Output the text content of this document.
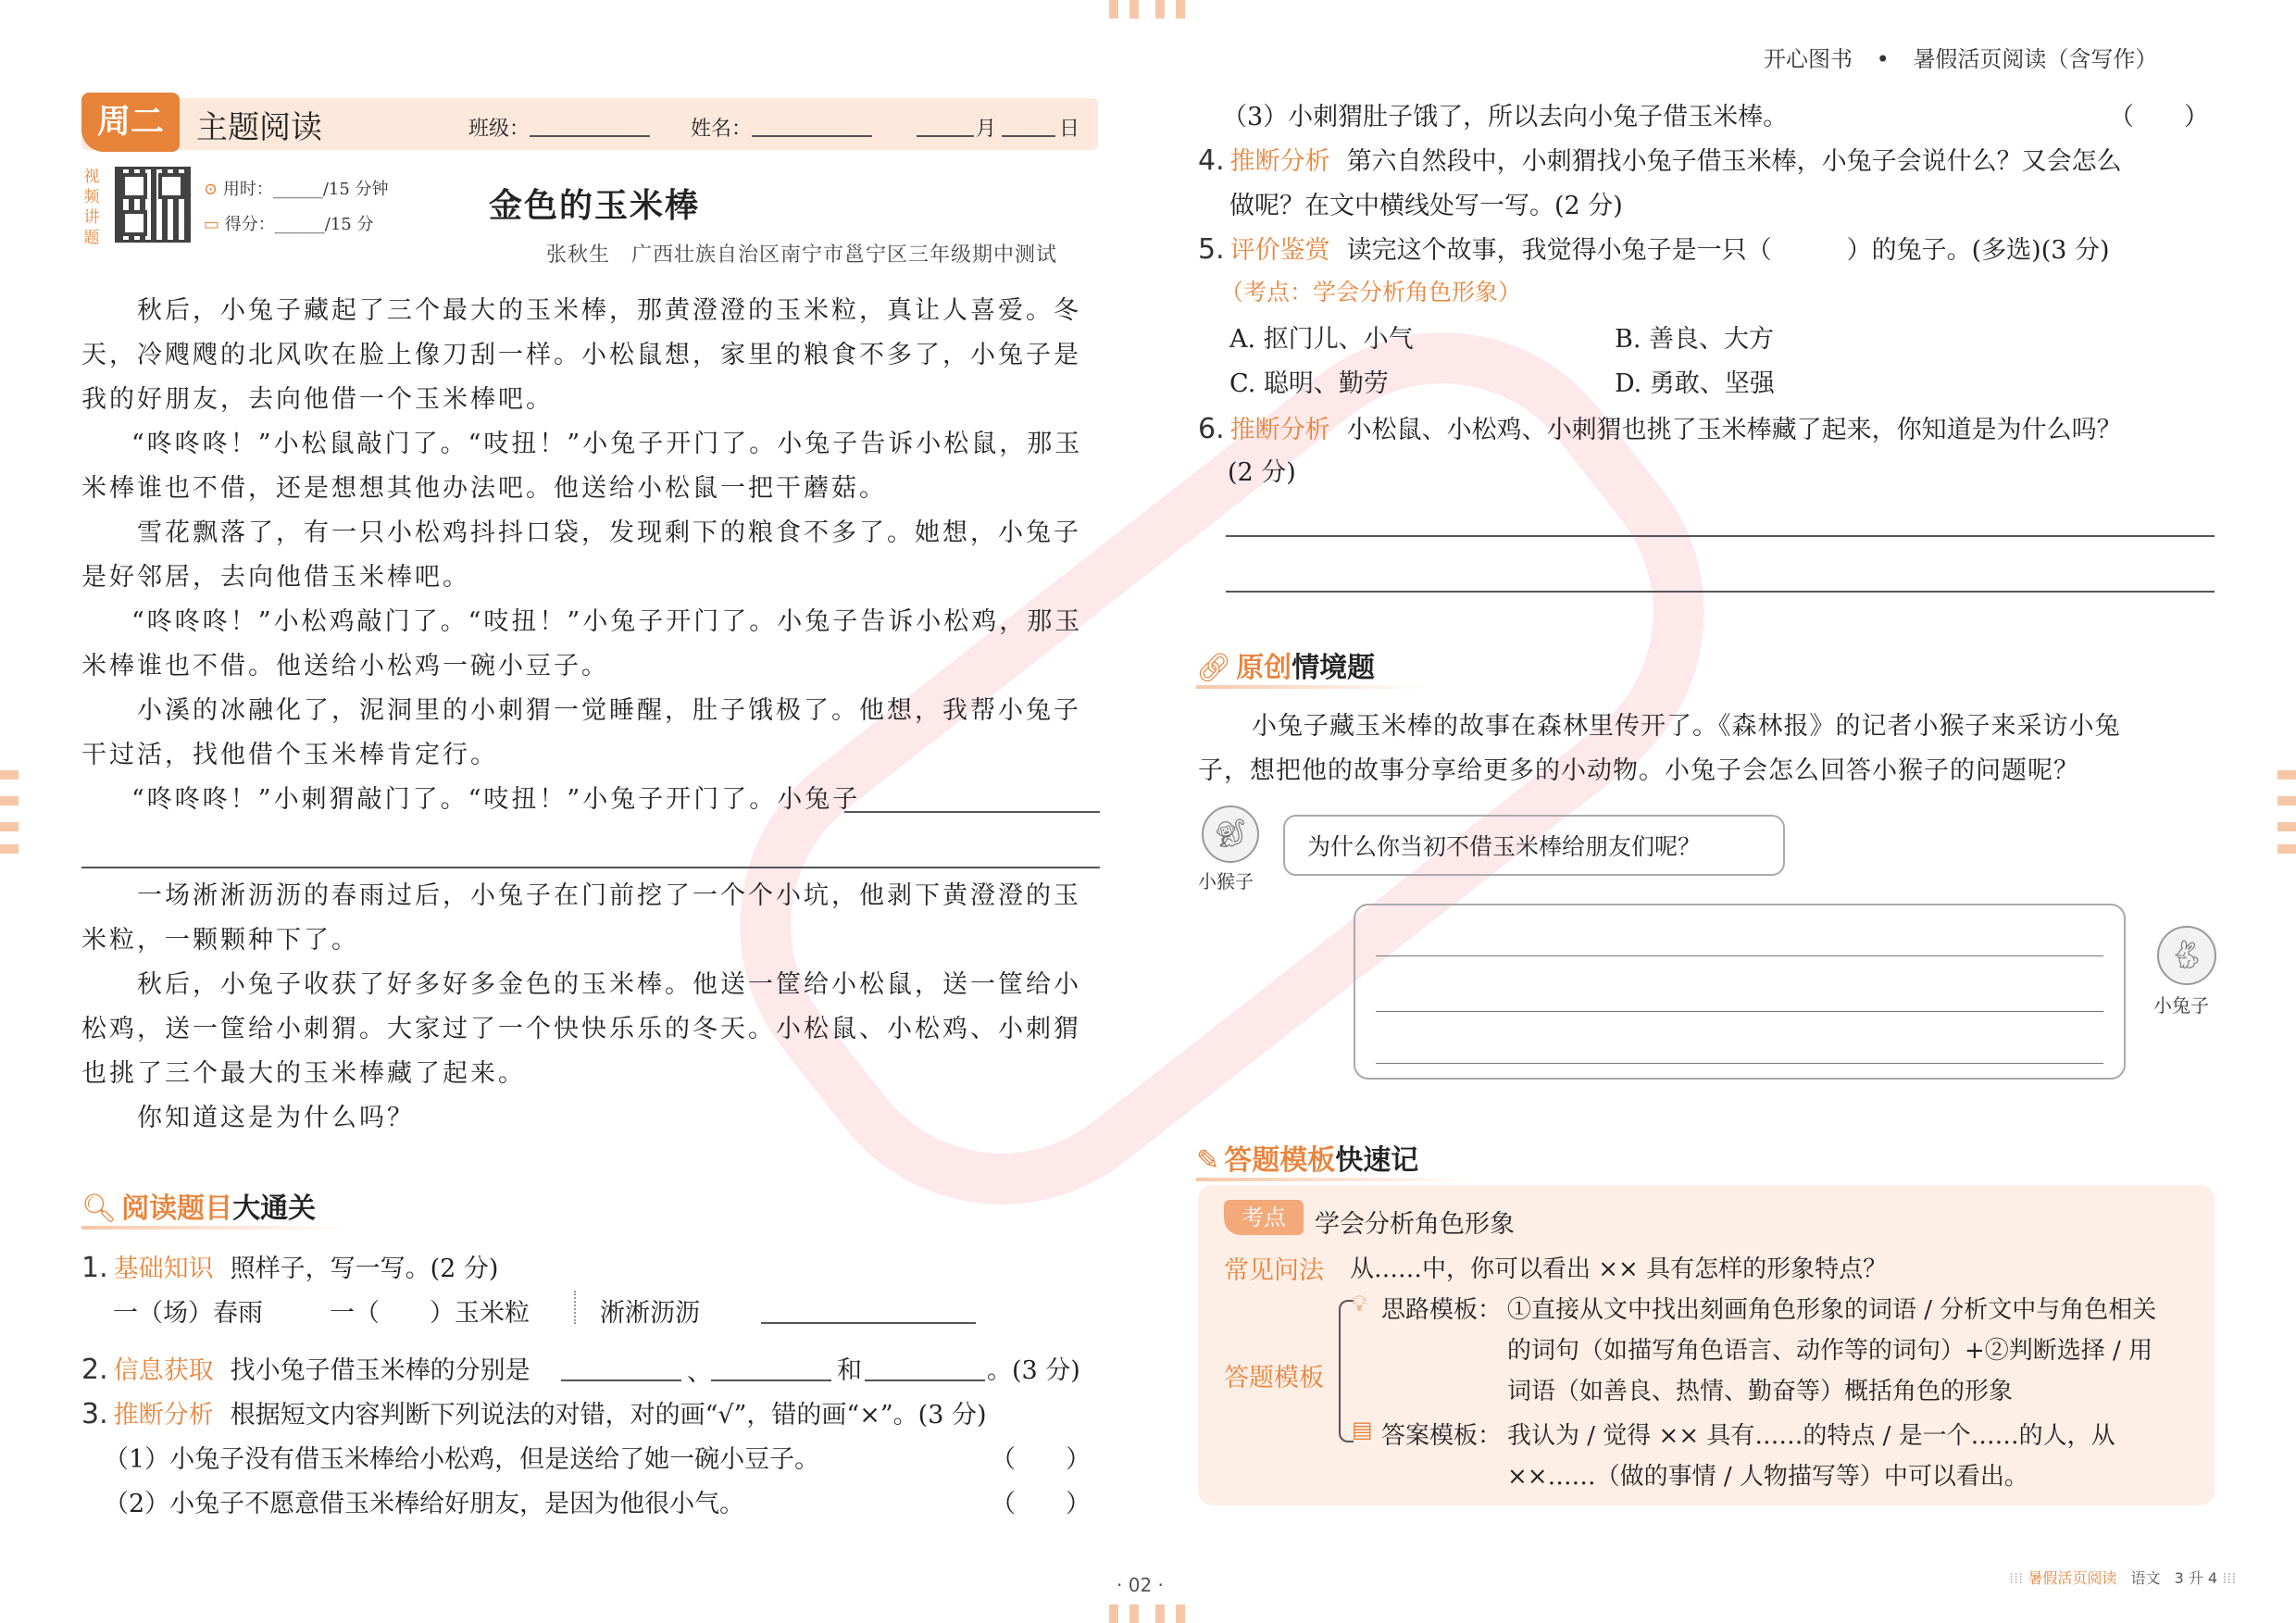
开心图书 • 暑假活页阅读（含写作）
周二	主题阅读	班级：	姓名：	月	日
视频讲题
⊙ 用时：______/15 分钟
▭ 得分：______/15 分	金色的玉米棒
张秋生　广西壮族自治区南宁市邕宁区三年级期中测试
秋后，小兔子藏起了三个最大的玉米棒，那黄澄澄的玉米粒，真让人喜爱。冬天，冷飕飕的北风吹在脸上像刀刮一样。小松鼠想，家里的粮食不多了，小兔子是我的好朋友，去向他借一个玉米棒吧。
“咚咚咚！”小松鼠敲门了。“吱扭！”小兔子开门了。小兔子告诉小松鼠，那玉米棒谁也不借，还是想想其他办法吧。他送给小松鼠一把干蘑菇。
雪花飘落了，有一只小松鸡抖抖口袋，发现剩下的粮食不多了。她想，小兔子是好邻居，去向他借玉米棒吧。
“咚咚咚！”小松鸡敲门了。“吱扭！”小兔子开门了。小兔子告诉小松鸡，那玉米棒谁也不借。他送给小松鸡一碗小豆子。
小溪的冰融化了，泥洞里的小刺猬一觉睡醒，肚子饿极了。他想，我帮小兔子干过活，找他借个玉米棒肯定行。
“咚咚咚！”小刺猬敲门了。“吱扭！”小兔子开门了。小兔子
一场淅淅沥沥的春雨过后，小兔子在门前挖了一个个小坑，他剥下黄澄澄的玉米粒，一颗颗种下了。
秋后，小兔子收获了好多好多金色的玉米棒。他送一筐给小松鼠，送一筐给小松鸡，送一筐给小刺猬。大家过了一个快快乐乐的冬天。小松鼠、小松鸡、小刺猬也挑了三个最大的玉米棒藏了起来。
你知道这是为什么吗？
🔍︎ 阅读题目大通关
1. 基础知识 照样子，写一写。(2 分)
一（场）春雨	一（　　）玉米粒	淅淅沥沥
2. 信息获取 找小兔子借玉米棒的分别是	、	和	。(3 分)
3. 推断分析 根据短文内容判断下列说法的对错，对的画“√”，错的画“×”。(3 分)
（1）小兔子没有借玉米棒给小松鸡，但是送给了她一碗小豆子。	（　　）
（2）小兔子不愿意借玉米棒给好朋友，是因为他很小气。	（　　）
（3）小刺猬肚子饿了，所以去向小兔子借玉米棒。	（　　）
4. 推断分析 第六自然段中，小刺猬找小兔子借玉米棒，小兔子会说什么？又会怎么
做呢？在文中横线处写一写。(2 分)
5. 评价鉴赏 读完这个故事，我觉得小兔子是一只（　　　）的兔子。(多选)(3 分)
（考点：学会分析角色形象）
A. 抠门儿、小气	B. 善良、大方
C. 聪明、勤劳	D. 勇敢、坚强
6. 推断分析 小松鼠、小松鸡、小刺猬也挑了玉米棒藏了起来，你知道是为什么吗？
(2 分)
🔗︎ 原创情境题
小兔子藏玉米棒的故事在森林里传开了。《森林报》的记者小猴子来采访小兔
子，想把他的故事分享给更多的小动物。小兔子会怎么回答小猴子的问题呢？
🐒︎
小猴子
为什么你当初不借玉米棒给朋友们呢？
🐇︎
小兔子
✎ 答题模板快速记
考点	学会分析角色形象
常见问法 从……中，你可以看出 ×× 具有怎样的形象特点？
答题模板
💡︎ 思路模板： ①直接从文中找出刻画角色形象的词语 / 分析文中与角色相关
的词句（如描写角色语言、动作等的词句）+②判断选择 / 用
词语（如善良、热情、勤奋等）概括角色的形象
▤ 答案模板： 我认为 / 觉得 ×× 具有……的特点 / 是一个……的人，从
××……（做的事情 / 人物描写等）中可以看出。
· 02 ·	⁞⁞⁞ 暑假活页阅读 语文 3 升 4 ⁞⁞⁞
